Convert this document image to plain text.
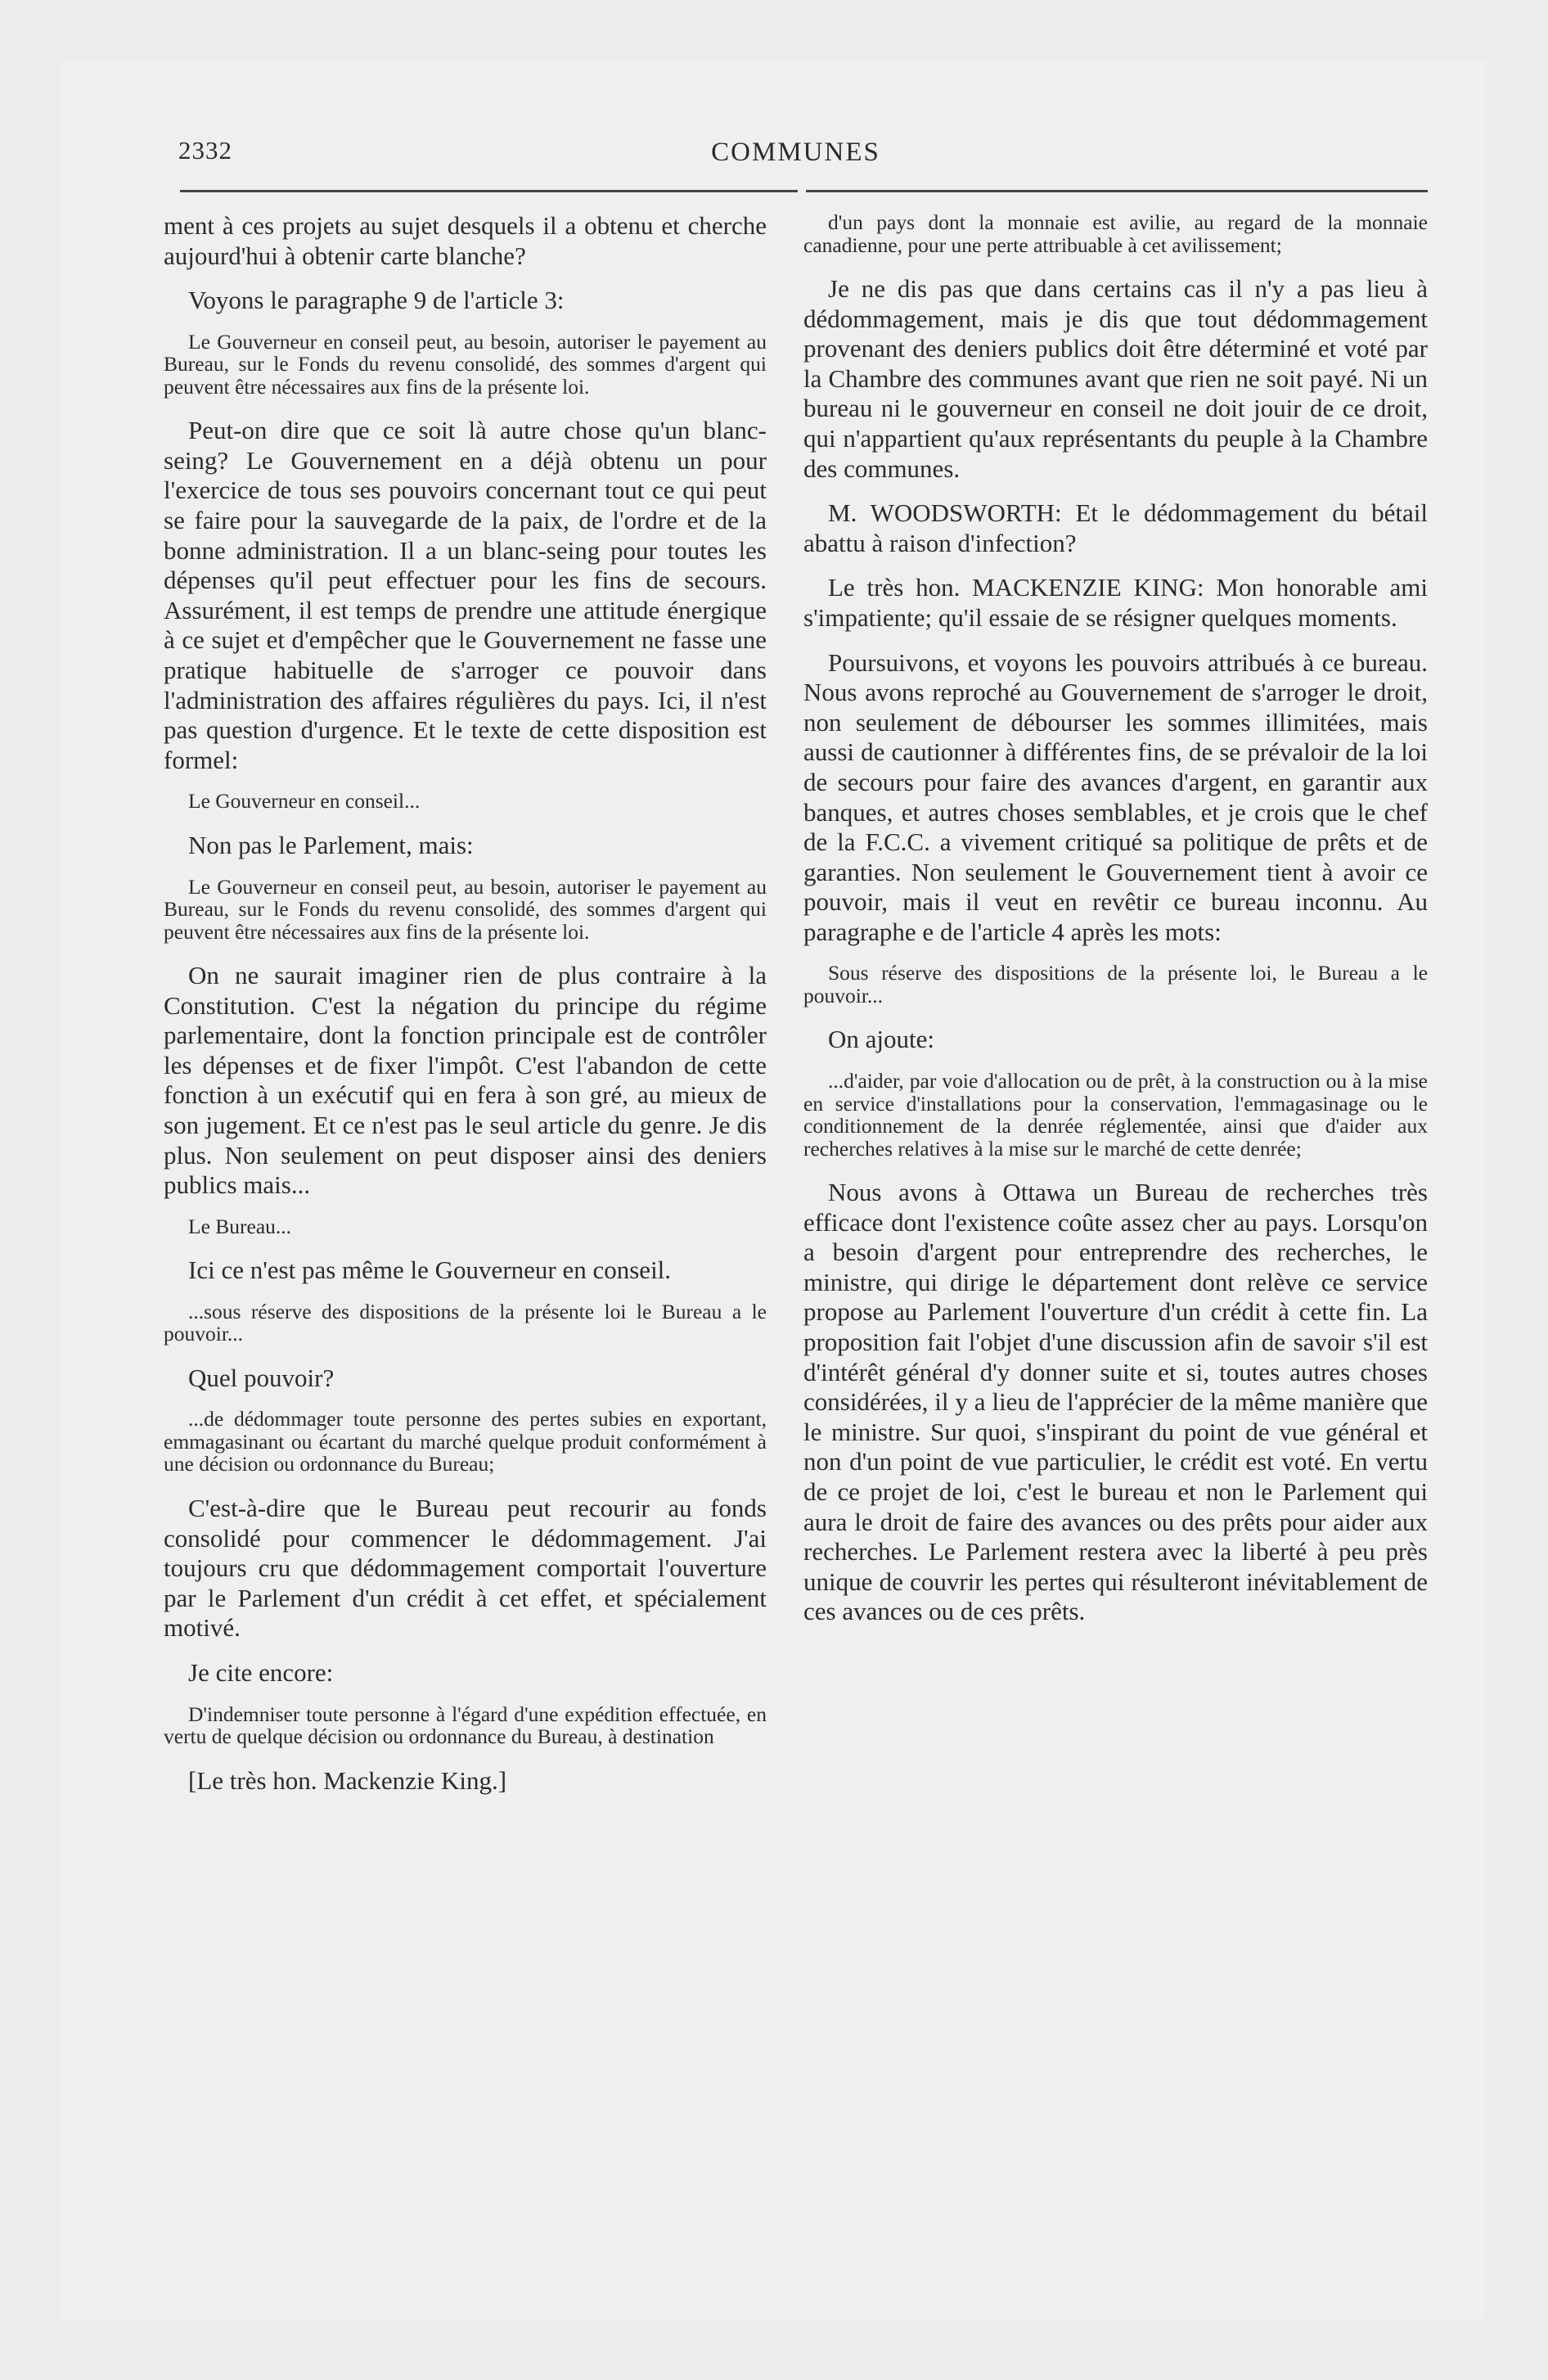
2332	COMMUNES

ment à ces projets au sujet desquels il a obtenu et cherche aujourd'hui à obtenir carte blanche?

Voyons le paragraphe 9 de l'article 3:

Le Gouverneur en conseil peut, au besoin, autoriser le payement au Bureau, sur le Fonds du revenu consolidé, des sommes d'argent qui peuvent être nécessaires aux fins de la présente loi.

Peut-on dire que ce soit là autre chose qu'un blanc-seing? Le Gouvernement en a déjà obtenu un pour l'exercice de tous ses pouvoirs concernant tout ce qui peut se faire pour la sauvegarde de la paix, de l'ordre et de la bonne administration. Il a un blanc-seing pour toutes les dépenses qu'il peut effectuer pour les fins de secours. Assurément, il est temps de prendre une attitude énergique à ce sujet et d'empêcher que le Gouvernement ne fasse une pratique habituelle de s'arroger ce pouvoir dans l'administration des affaires régulières du pays. Ici, il n'est pas question d'urgence. Et le texte de cette disposition est formel:

Le Gouverneur en conseil...

Non pas le Parlement, mais:

Le Gouverneur en conseil peut, au besoin, autoriser le payement au Bureau, sur le Fonds du revenu consolidé, des sommes d'argent qui peuvent être nécessaires aux fins de la présente loi.

On ne saurait imaginer rien de plus contraire à la Constitution. C'est la négation du principe du régime parlementaire, dont la fonction principale est de contrôler les dépenses et de fixer l'impôt. C'est l'abandon de cette fonction à un exécutif qui en fera à son gré, au mieux de son jugement. Et ce n'est pas le seul article du genre. Je dis plus. Non seulement on peut disposer ainsi des deniers publics mais...

Le Bureau...

Ici ce n'est pas même le Gouverneur en conseil.

...sous réserve des dispositions de la présente loi le Bureau a le pouvoir...

Quel pouvoir?

...de dédommager toute personne des pertes subies en exportant, emmagasinant ou écartant du marché quelque produit conformément à une décision ou ordonnance du Bureau;

C'est-à-dire que le Bureau peut recourir au fonds consolidé pour commencer le dédommagement. J'ai toujours cru que dédommagement comportait l'ouverture par le Parlement d'un crédit à cet effet, et spécialement motivé.

Je cite encore:

D'indemniser toute personne à l'égard d'une expédition effectuée, en vertu de quelque décision ou ordonnance du Bureau, à destination

[Le très hon. Mackenzie King.]

d'un pays dont la monnaie est avilie, au regard de la monnaie canadienne, pour une perte attribuable à cet avilissement;

Je ne dis pas que dans certains cas il n'y a pas lieu à dédommagement, mais je dis que tout dédommagement provenant des deniers publics doit être déterminé et voté par la Chambre des communes avant que rien ne soit payé. Ni un bureau ni le gouverneur en conseil ne doit jouir de ce droit, qui n'appartient qu'aux représentants du peuple à la Chambre des communes.

M. WOODSWORTH: Et le dédommagement du bétail abattu à raison d'infection?

Le très hon. MACKENZIE KING: Mon honorable ami s'impatiente; qu'il essaie de se résigner quelques moments.

Poursuivons, et voyons les pouvoirs attribués à ce bureau. Nous avons reproché au Gouvernement de s'arroger le droit, non seulement de débourser les sommes illimitées, mais aussi de cautionner à différentes fins, de se prévaloir de la loi de secours pour faire des avances d'argent, en garantir aux banques, et autres choses semblables, et je crois que le chef de la F.C.C. a vivement critiqué sa politique de prêts et de garanties. Non seulement le Gouvernement tient à avoir ce pouvoir, mais il veut en revêtir ce bureau inconnu. Au paragraphe e de l'article 4 après les mots:

Sous réserve des dispositions de la présente loi, le Bureau a le pouvoir...

On ajoute:

...d'aider, par voie d'allocation ou de prêt, à la construction ou à la mise en service d'installations pour la conservation, l'emmagasinage ou le conditionnement de la denrée réglementée, ainsi que d'aider aux recherches relatives à la mise sur le marché de cette denrée;

Nous avons à Ottawa un Bureau de recherches très efficace dont l'existence coûte assez cher au pays. Lorsqu'on a besoin d'argent pour entreprendre des recherches, le ministre, qui dirige le département dont relève ce service propose au Parlement l'ouverture d'un crédit à cette fin. La proposition fait l'objet d'une discussion afin de savoir s'il est d'intérêt général d'y donner suite et si, toutes autres choses considérées, il y a lieu de l'apprécier de la même manière que le ministre. Sur quoi, s'inspirant du point de vue général et non d'un point de vue particulier, le crédit est voté. En vertu de ce projet de loi, c'est le bureau et non le Parlement qui aura le droit de faire des avances ou des prêts pour aider aux recherches. Le Parlement restera avec la liberté à peu près unique de couvrir les pertes qui résulteront inévitablement de ces avances ou de ces prêts.
